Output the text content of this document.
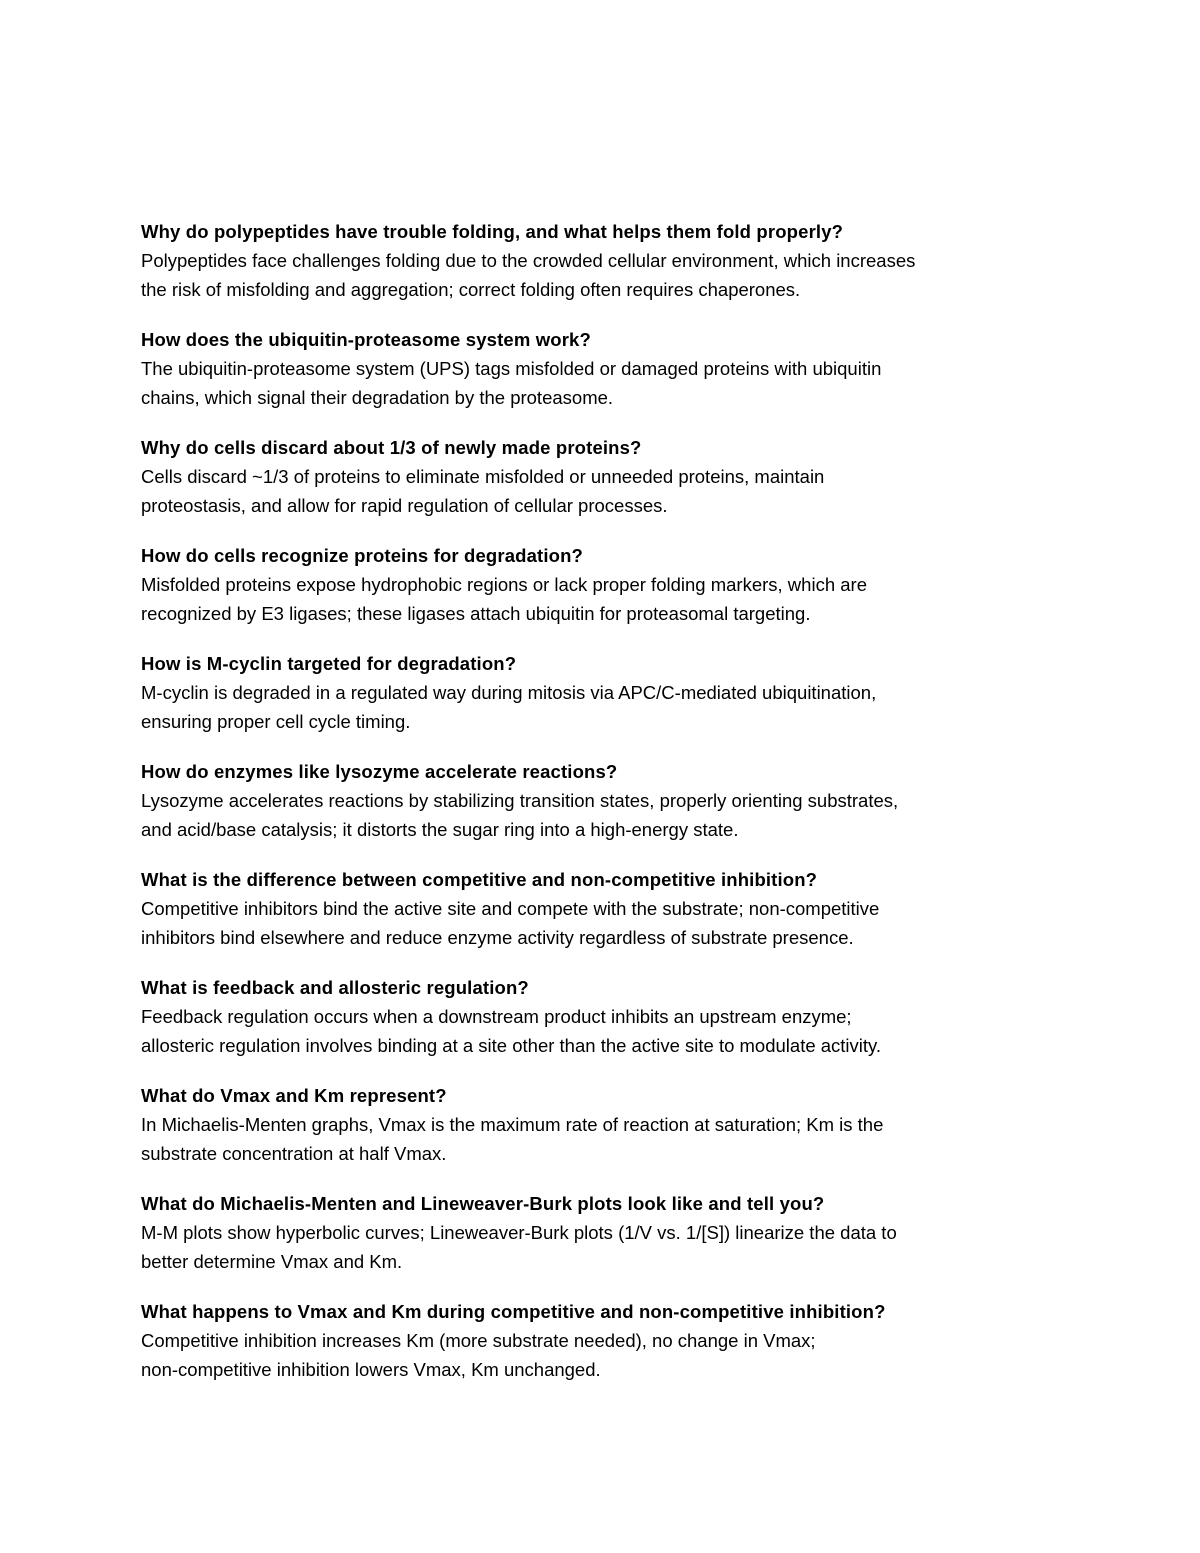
Why do polypeptides have trouble folding, and what helps them fold properly?

Polypeptides face challenges folding due to the crowded cellular environment, which increases
the risk of misfolding and aggregation; correct folding often requires chaperones.

How does the ubiquitin-proteasome system work?

The ubiquitin-proteasome system (UPS) tags misfolded or damaged proteins with ubiquitin
chains, which signal their degradation by the proteasome.

Why do cells discard about 1/3 of newly made proteins?

Cells discard ~1/3 of proteins to eliminate misfolded or unneeded proteins, maintain
proteostasis, and allow for rapid regulation of cellular processes.

How do cells recognize proteins for degradation?

Misfolded proteins expose hydrophobic regions or lack proper folding markers, which are
recognized by E3 ligases; these ligases attach ubiquitin for proteasomal targeting.

How is M-cyclin targeted for degradation?

M-cyclin is degraded in a regulated way during mitosis via APC/C-mediated ubiquitination,
ensuring proper cell cycle timing.

How do enzymes like lysozyme accelerate reactions?

Lysozyme accelerates reactions by stabilizing transition states, properly orienting substrates,
and acid/base catalysis; it distorts the sugar ring into a high-energy state.

What is the difference between competitive and non-competitive inhibition?

Competitive inhibitors bind the active site and compete with the substrate; non-competitive
inhibitors bind elsewhere and reduce enzyme activity regardless of substrate presence.

What is feedback and allosteric regulation?

Feedback regulation occurs when a downstream product inhibits an upstream enzyme;
allosteric regulation involves binding at a site other than the active site to modulate activity.

What do Vmax and Km represent?

In Michaelis-Menten graphs, Vmax is the maximum rate of reaction at saturation; Km is the
substrate concentration at half Vmax.

What do Michaelis-Menten and Lineweaver-Burk plots look like and tell you?

M-M plots show hyperbolic curves; Lineweaver-Burk plots (1/V vs. 1/[S]) linearize the data to
better determine Vmax and Km.

What happens to Vmax and Km during competitive and non-competitive inhibition?

Competitive inhibition increases Km (more substrate needed), no change in Vmax;
non-competitive inhibition lowers Vmax, Km unchanged.
